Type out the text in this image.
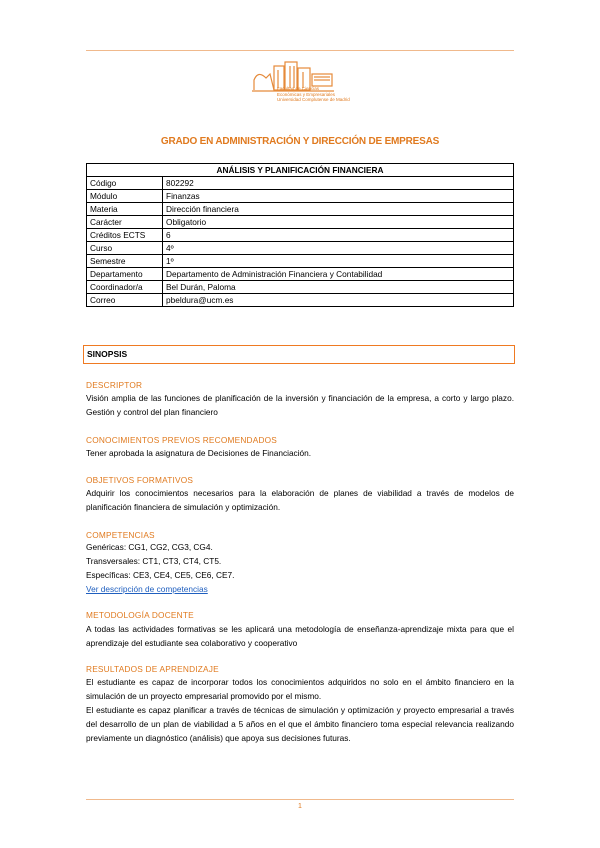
Facultad de Ciencias
Económicas y Empresariales
Universidad Complutense de Madrid
GRADO EN ADMINISTRACIÓN Y DIRECCIÓN DE EMPRESAS
ANÁLISIS Y PLANIFICACIÓN FINANCIERA	
Código	802292
Módulo	Finanzas
Materia	Dirección financiera
Carácter	Obligatorio
Créditos ECTS	6
Curso	4º
Semestre	1º
Departamento	Departamento de Administración Financiera y Contabilidad
Coordinador/a	Bel Durán, Paloma
Correo	pbeldura@ucm.es
SINOPSIS
DESCRIPTOR
Visión amplia de las funciones de planificación de la inversión y financiación de la empresa, a corto y largo plazo. Gestión y control del plan financiero
CONOCIMIENTOS PREVIOS RECOMENDADOS
Tener aprobada la asignatura de Decisiones de Financiación.
OBJETIVOS FORMATIVOS
Adquirir los conocimientos necesarios para la elaboración de planes de viabilidad a través de modelos de planificación financiera de simulación y optimización.
COMPETENCIAS
Genéricas: CG1, CG2, CG3, CG4.
Transversales: CT1, CT3, CT4, CT5.
Específicas: CE3, CE4, CE5, CE6, CE7.
Ver descripción de competencias
METODOLOGÍA DOCENTE
A todas las actividades formativas se les aplicará una metodología de enseñanza-aprendizaje mixta para que el aprendizaje del estudiante sea colaborativo y cooperativo
RESULTADOS DE APRENDIZAJE
El estudiante es capaz de incorporar todos los conocimientos adquiridos no solo en el ámbito financiero en la simulación de un proyecto empresarial promovido por el mismo.
El estudiante es capaz planificar a través de técnicas de simulación y optimización y proyecto empresarial a través del desarrollo de un plan de viabilidad a 5 años en el que el ámbito financiero toma especial relevancia realizando previamente un diagnóstico (análisis) que apoya sus decisiones futuras.
1
